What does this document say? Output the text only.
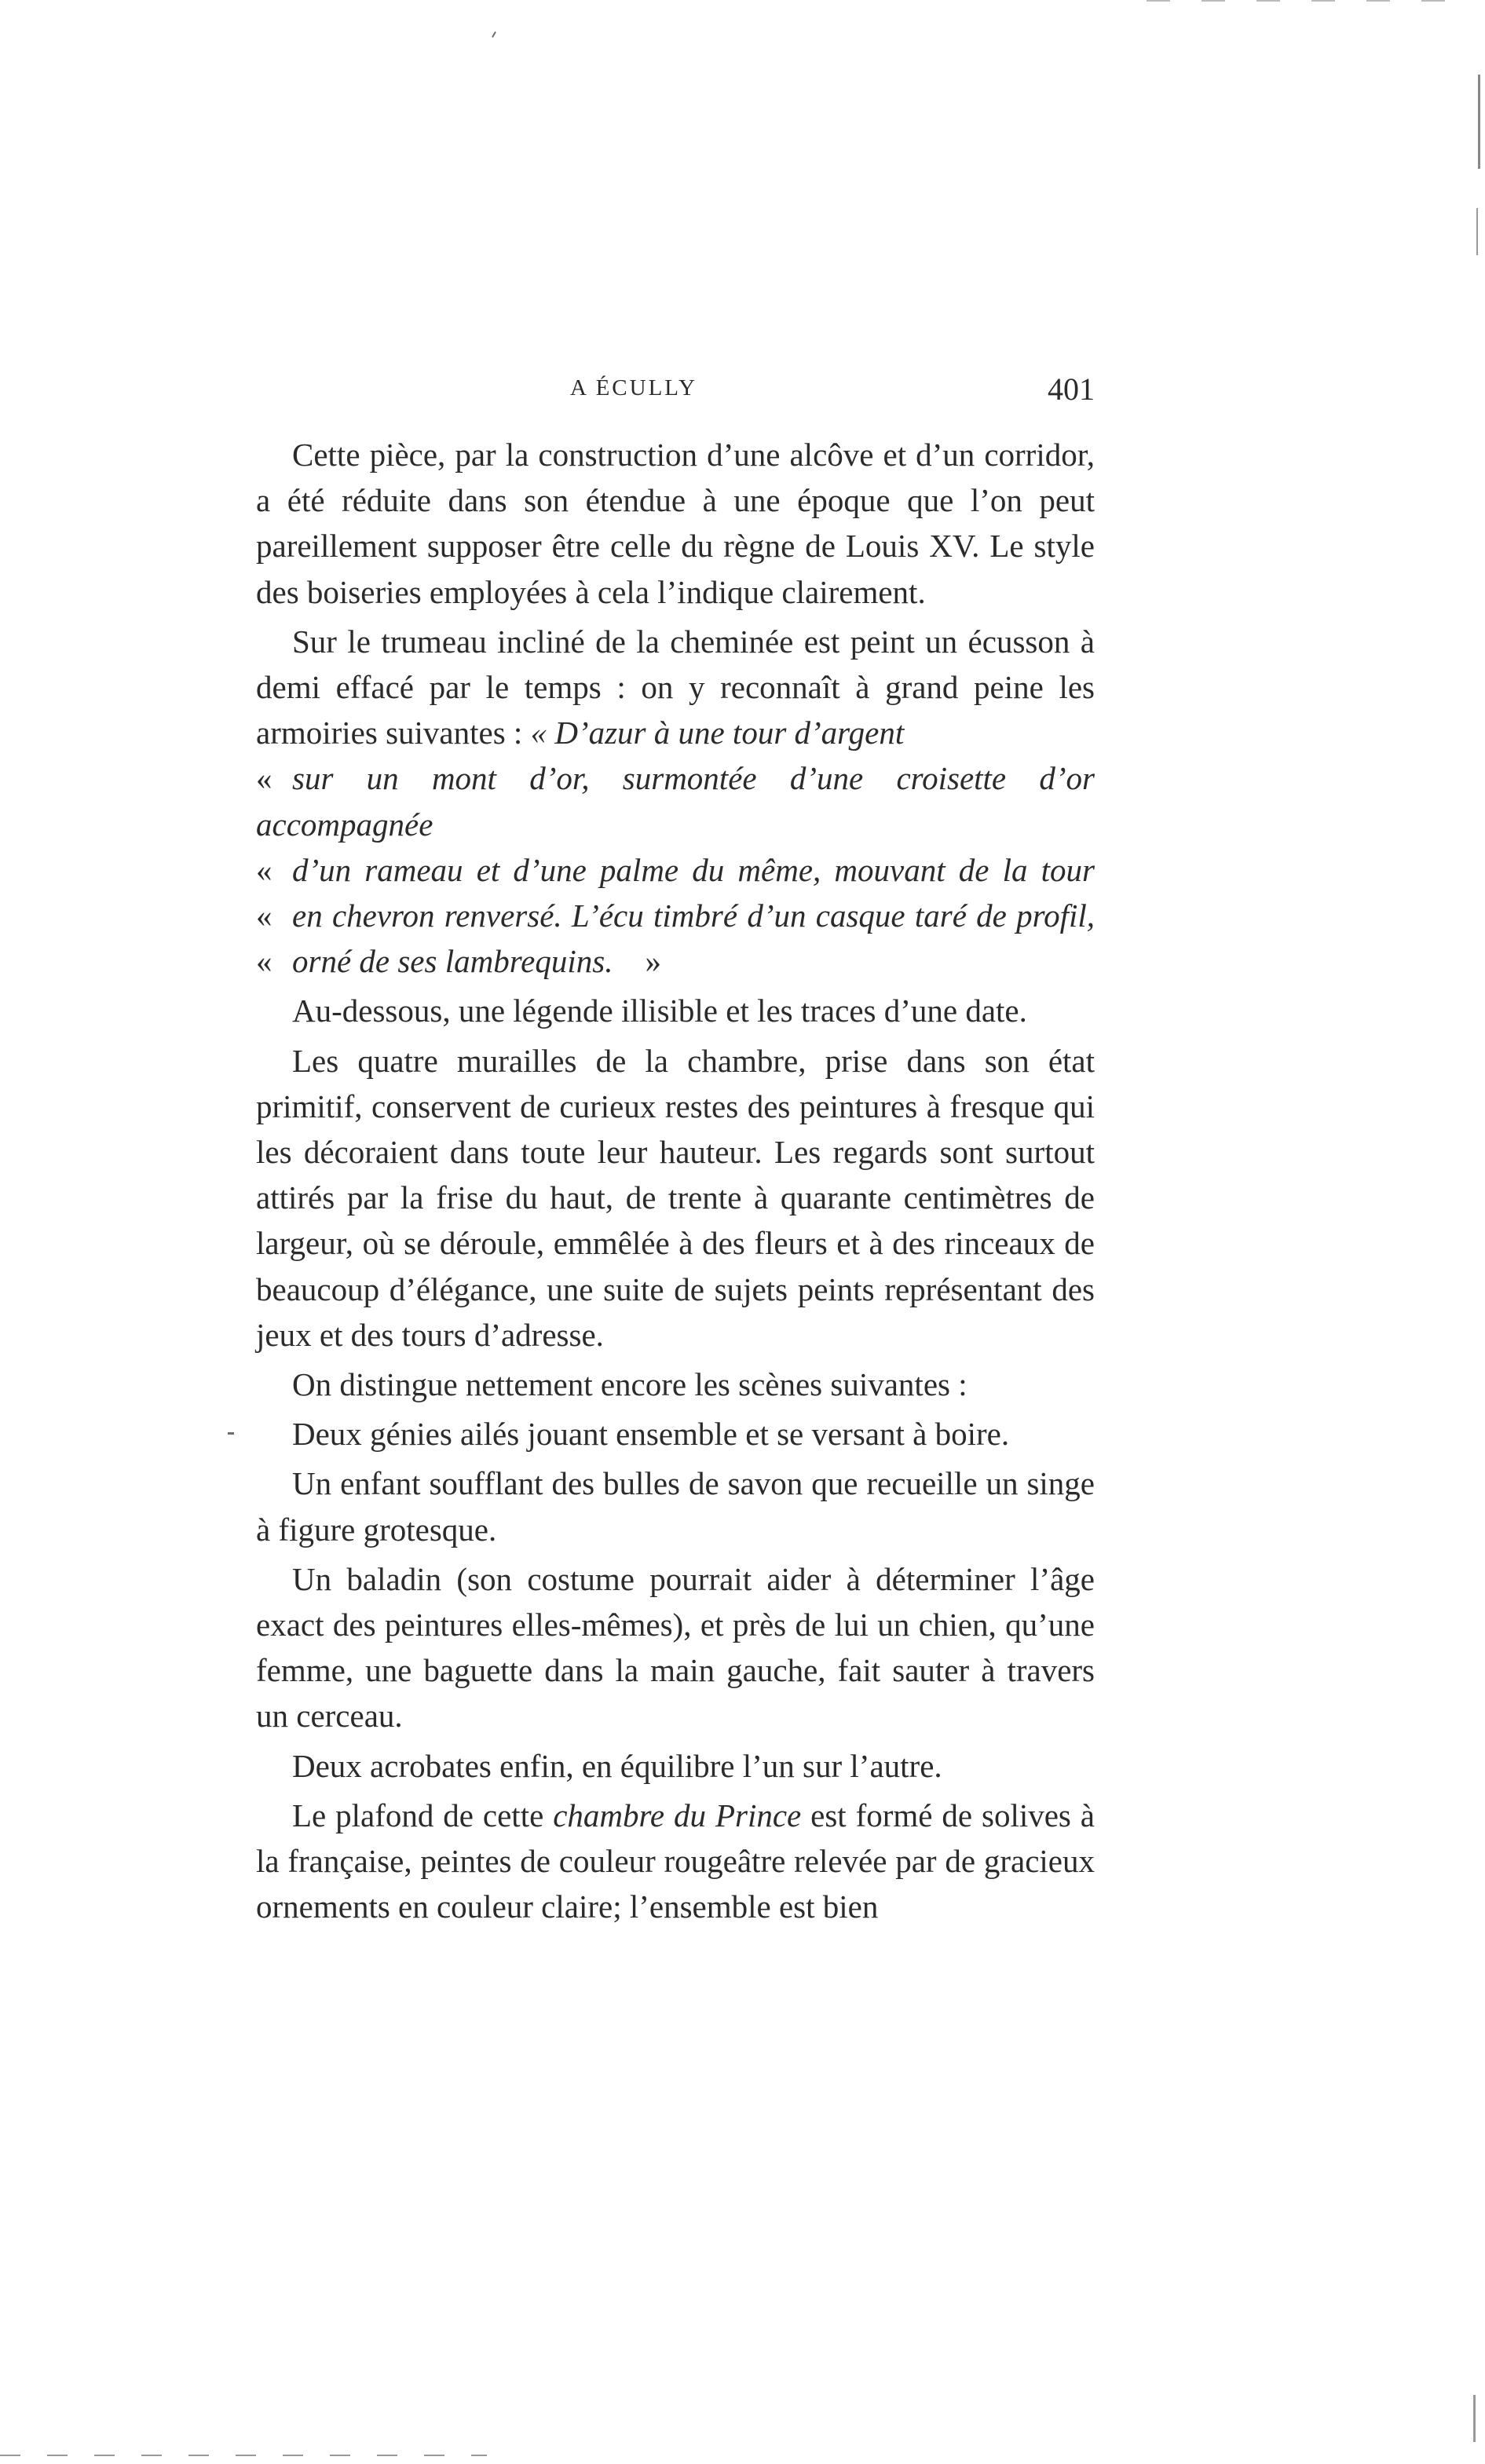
A ÉCULLY	401

Cette pièce, par la construction d’une alcôve et d’un corridor, a été réduite dans son étendue à une époque que l’on peut pareillement supposer être celle du règne de Louis XV. Le style des boiseries employées à cela l’indique clairement.

Sur le trumeau incliné de la cheminée est peint un écusson à demi effacé par le temps : on y reconnaît à grand peine les armoiries suivantes : « D’azur à une tour d’argent

« sur un mont d’or, surmontée d’une croisette d’or accompagnée
« d’un rameau et d’une palme du même, mouvant de la tour
« en chevron renversé. L’écu timbré d’un casque taré de profil,
« orné de ses lambrequins.  »

Au-dessous, une légende illisible et les traces d’une date.

Les quatre murailles de la chambre, prise dans son état primitif, conservent de curieux restes des peintures à fresque qui les décoraient dans toute leur hauteur. Les regards sont surtout attirés par la frise du haut, de trente à quarante centimètres de largeur, où se déroule, emmêlée à des fleurs et à des rinceaux de beaucoup d’élégance, une suite de sujets peints représentant des jeux et des tours d’adresse.

On distingue nettement encore les scènes suivantes :

Deux génies ailés jouant ensemble et se versant à boire.

Un enfant soufflant des bulles de savon que recueille un singe à figure grotesque.

Un baladin (son costume pourrait aider à déterminer l’âge exact des peintures elles-mêmes), et près de lui un chien, qu’une femme, une baguette dans la main gauche, fait sauter à travers un cerceau.

Deux acrobates enfin, en équilibre l’un sur l’autre.

Le plafond de cette chambre du Prince est formé de solives à la française, peintes de couleur rougeâtre relevée par de gracieux ornements en couleur claire; l’ensemble est bien
